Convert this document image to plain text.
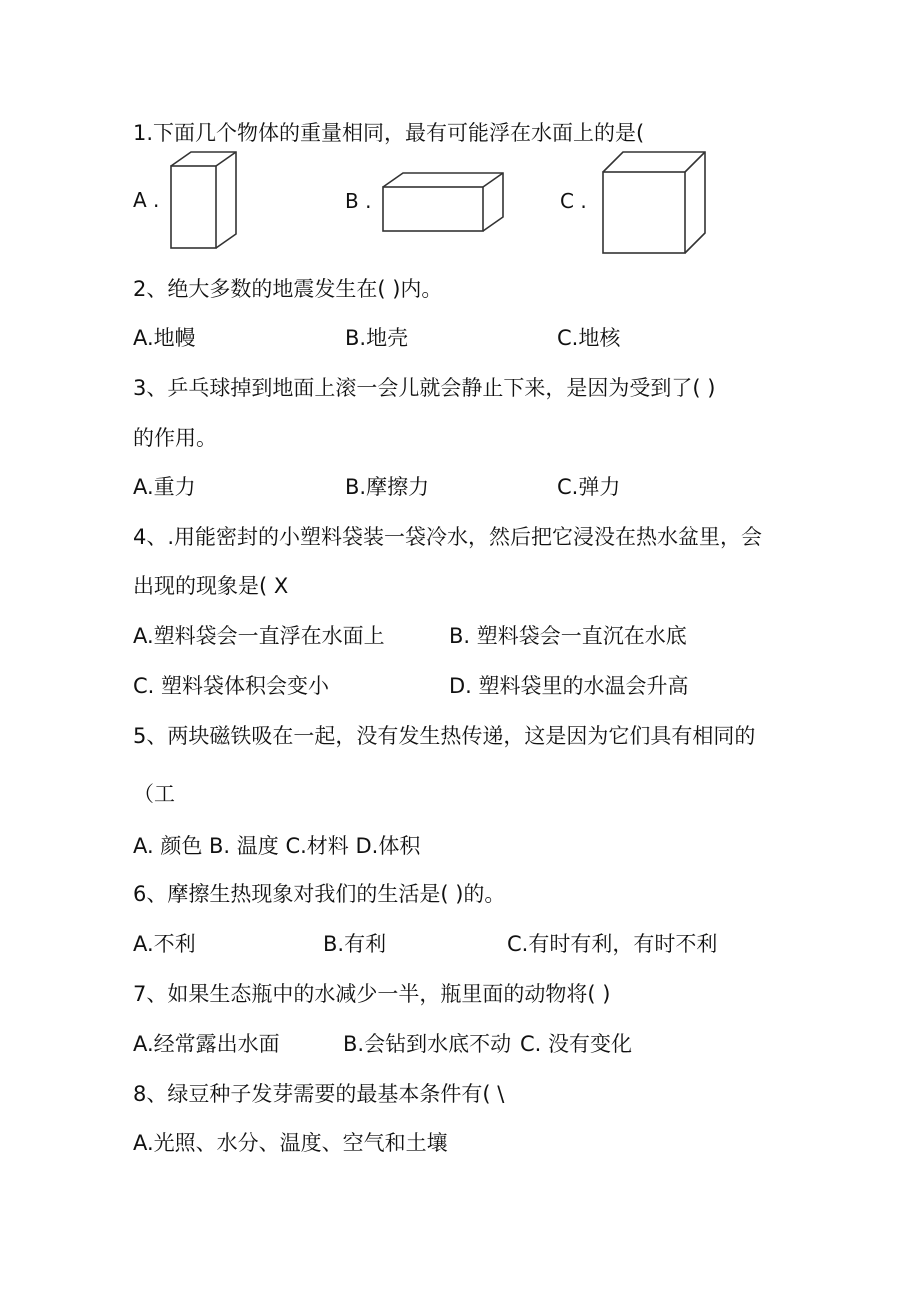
1.下面几个物体的重量相同，最有可能浮在水面上的是(
A .	B .	C .
2、绝大多数的地震发生在( )内。
A.地幔	B.地壳	C.地核
3、乒乓球掉到地面上滚一会儿就会静止下来，是因为受到了( )
的作用。
A.重力	B.摩擦力	C.弹力
4、.用能密封的小塑料袋装一袋冷水，然后把它浸没在热水盆里，会
出现的现象是( X
A.塑料袋会一直浮在水面上	B. 塑料袋会一直沉在水底
C. 塑料袋体积会变小	D. 塑料袋里的水温会升高
5、两块磁铁吸在一起，没有发生热传递，这是因为它们具有相同的
（工
A. 颜色 B. 温度 C.材料 D.体积
6、摩擦生热现象对我们的生活是( )的。
A.不利	B.有利	C.有时有利，有时不利
7、如果生态瓶中的水减少一半，瓶里面的动物将( )
A.经常露出水面	B.会钻到水底不动 C. 没有变化
8、绿豆种子发芽需要的最基本条件有( \
A.光照、水分、温度、空气和土壤
